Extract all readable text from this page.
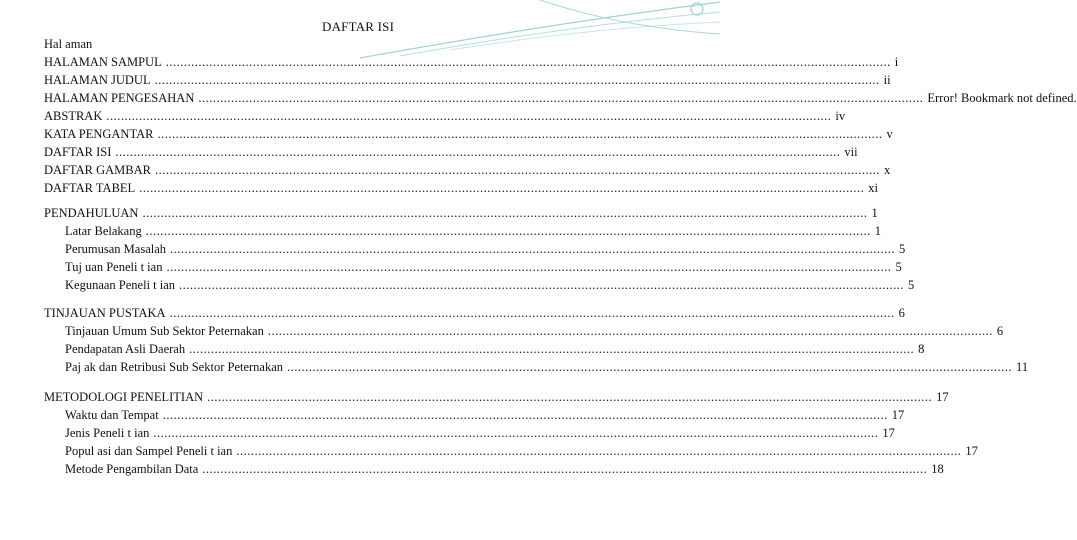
DAFTAR ISI
Hal aman
HALAMAN SAMPUL ........................................................................................................................................................................................................ i
HALAMAN JUDUL ........................................................................................................................................................................................................ ii
HALAMAN PENGESAHAN ........................................................................................................................................................................................................ Error! Bookmark not defined.
ABSTRAK ........................................................................................................................................................................................................ iv
KATA PENGANTAR ........................................................................................................................................................................................................ v
DAFTAR ISI ........................................................................................................................................................................................................ vii
DAFTAR GAMBAR ........................................................................................................................................................................................................ x
DAFTAR TABEL ........................................................................................................................................................................................................ xi
PENDAHULUAN ........................................................................................................................................................................................................ 1
Latar Belakang ........................................................................................................................................................................................................ 1
Perumusan Masalah ........................................................................................................................................................................................................ 5
Tuj uan Peneli t ian ........................................................................................................................................................................................................ 5
Kegunaan Peneli t ian ........................................................................................................................................................................................................ 5
TINJAUAN PUSTAKA ........................................................................................................................................................................................................ 6
Tinjauan Umum Sub Sektor Peternakan ........................................................................................................................................................................................................ 6
Pendapatan Asli Daerah ........................................................................................................................................................................................................ 8
Paj ak dan Retribusi Sub Sektor Peternakan ........................................................................................................................................................................................................ 11
METODOLOGI PENELITIAN ........................................................................................................................................................................................................ 17
Waktu dan Tempat ........................................................................................................................................................................................................ 17
Jenis Peneli t ian ........................................................................................................................................................................................................ 17
Popul asi dan Sampel Peneli t ian ........................................................................................................................................................................................................ 17
Metode Pengambilan Data ........................................................................................................................................................................................................ 18
